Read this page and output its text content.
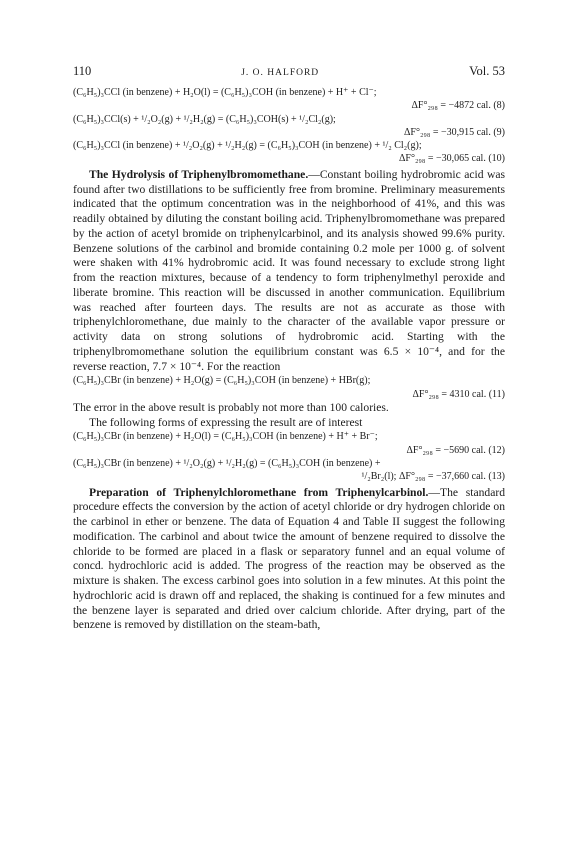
110	J. O. HALFORD	Vol. 53
(C₆H₅)₃CCl (in benzene) + H₂O(l) = (C₆H₅)₃COH (in benzene) + H⁺ + Cl⁻;
ΔF°₂₉₈ = −4872 cal. (8)
(C₆H₅)₃CCl(s) + ¹/₂O₂(g) + ¹/₂H₂(g) = (C₆H₅)₃COH(s) + ¹/₂Cl₂(g);
ΔF°₂₉₈ = −30,915 cal. (9)
(C₆H₅)₃CCl (in benzene) + ¹/₂O₂(g) + ¹/₂H₂(g) = (C₆H₅)₃COH (in benzene) + ¹/₂ Cl₂(g);
ΔF°₂₉₈ = −30,065 cal. (10)

The Hydrolysis of Triphenylbromomethane.—Constant boiling hydrobromic acid was found after two distillations to be sufficiently free from bromine. Preliminary measurements indicated that the optimum concentration was in the neighborhood of 41%, and this was readily obtained by diluting the constant boiling acid. Triphenylbromomethane was prepared by the action of acetyl bromide on triphenylcarbinol, and its analysis showed 99.6% purity. Benzene solutions of the carbinol and bromide containing 0.2 mole per 1000 g. of solvent were shaken with 41% hydrobromic acid. It was found necessary to exclude strong light from the reaction mixtures, because of a tendency to form triphenylmethyl peroxide and liberate bromine. This reaction will be discussed in another communication. Equilibrium was reached after fourteen days. The results are not as accurate as those with triphenylchloromethane, due mainly to the character of the available vapor pressure or activity data on strong solutions of hydrobromic acid. Starting with the triphenylbromomethane solution the equilibrium constant was 6.5 × 10⁻⁴, and for the reverse reaction, 7.7 × 10⁻⁴. For the reaction

(C₆H₅)₃CBr (in benzene) + H₂O(g) = (C₆H₅)₃COH (in benzene) + HBr(g);
ΔF°₂₉₈ = 4310 cal. (11)

The error in the above result is probably not more than 100 calories.

The following forms of expressing the result are of interest

(C₆H₅)₃CBr (in benzene) + H₂O(l) = (C₆H₅)₃COH (in benzene) + H⁺ + Br⁻;
ΔF°₂₉₈ = −5690 cal. (12)
(C₆H₅)₃CBr (in benzene) + ¹/₂O₂(g) + ¹/₂H₂(g) = (C₆H₅)₃COH (in benzene) +
¹/₂Br₂(l); ΔF°₂₉₈ = −37,660 cal. (13)

Preparation of Triphenylchloromethane from Triphenylcarbinol.—The standard procedure effects the conversion by the action of acetyl chloride or dry hydrogen chloride on the carbinol in ether or benzene. The data of Equation 4 and Table II suggest the following modification. The carbinol and about twice the amount of benzene required to dissolve the chloride to be formed are placed in a flask or separatory funnel and an equal volume of concd. hydrochloric acid is added. The progress of the reaction may be observed as the mixture is shaken. The excess carbinol goes into solution in a few minutes. At this point the hydrochloric acid is drawn off and replaced, the shaking is continued for a few minutes and the benzene layer is separated and dried over calcium chloride. After drying, part of the benzene is removed by distillation on the steam-bath,
